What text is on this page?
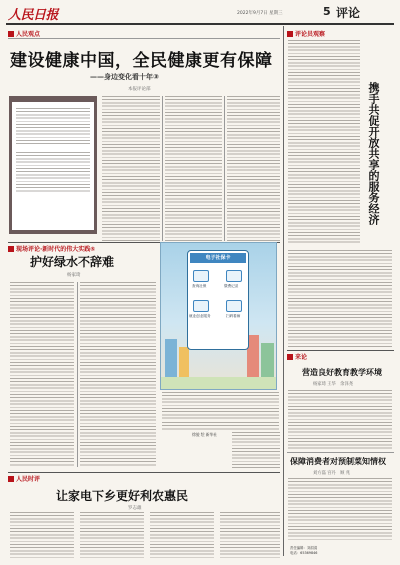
人民日报	2022年9月7日 星期三	5 评论
人民观点
建设健康中国，全民健康更有保障
——身边变化看十年③
本报评论部
评论员观察
携手共促开放共享的服务经济
现场评论·新时代的伟大实践⑤
护好绿水不辞难
杨家琦
电子社保卡
查询社保	缴费记录
就业创业服务	扫码看病
徐骏 绘 新华社
来论
营造良好教育教学环境
杨家琦 王华　余泽尧
保障消费者对预制菜知情权
刘方磊 宫丹　顾 兆
责任编辑：刘涓涓
电话：65369846
人民时评
让家电下乡更好利农惠民
罗志雄
